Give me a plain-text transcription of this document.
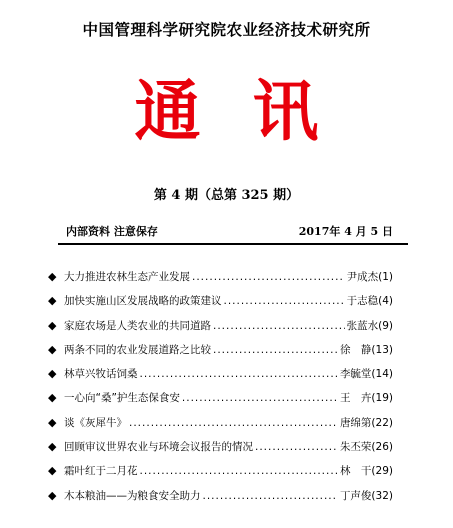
中国管理科学研究院农业经济技术研究所
通 讯
第 4 期（总第 325 期）
内部资料 注意保存	2017年 4 月 5 日
◆ 大力推进农林生态产业发展 .....	尹成杰(1)
◆ 加快实施山区发展战略的政策建议 .....	于志稳(4)
◆ 家庭农场是人类农业的共同道路 .....	张蓝水(9)
◆ 两条不同的农业发展道路之比较 .....	徐　静(13)
◆ 林草兴牧话饲桑 .....	李毓堂(14)
◆ 一心向“桑”护生态保食安 .....	王　卉(19)
◆ 谈《灰犀牛》 .....	唐绵第(22)
◆ 回顾审议世界农业与环境会议报告的情况 .....	朱丕荣(26)
◆ 霜叶红于二月花 .....	林　干(29)
◆ 木本粮油——为粮食安全助力 .....	丁声俊(32)
